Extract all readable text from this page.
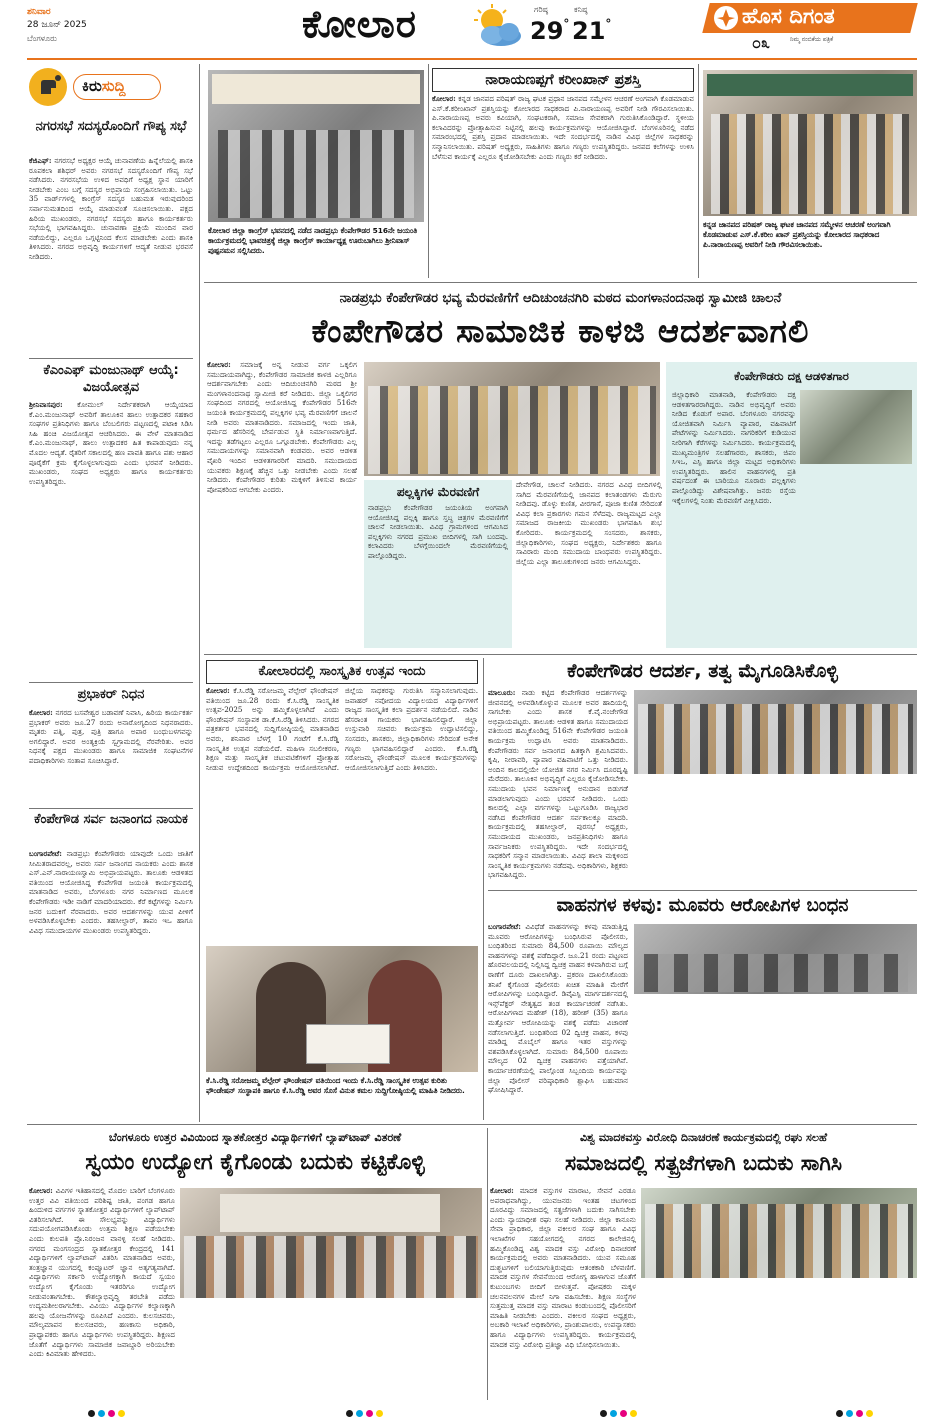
ಶನಿವಾರ
28 ಜೂನ್ 2025
ಬೆಂಗಳೂರು	ಕೋಲಾರ	ಗರಿಷ್ಠ
29°
ಕನಿಷ್ಠ
21°	ಹೊಸ ದಿಗಂತ
ನಿಮ್ಮ ನಂಬಿಕೆಯ ಪತ್ರಿಕೆ
೦೩
ಕಿರುಸುದ್ದಿ
ನಗರಸಭೆ ಸದಸ್ಯರೊಂದಿಗೆ ಗೌಪ್ಯ ಸಭೆ
ಕೆಜಿಎಫ್: ನಗರಸಭೆ ಅಧ್ಯಕ್ಷರ ಆಯ್ಕೆ ಚುನಾವಣೆಯ ಹಿನ್ನೆಲೆಯಲ್ಲಿ ಶಾಸಕಿ ರೂಪಕಲಾ ಶಶಿಧರ್ ಅವರು ನಗರಸಭೆ ಸದಸ್ಯರೊಂದಿಗೆ ಗೌಪ್ಯ ಸಭೆ ನಡೆಸಿದರು. ನಗರಸಭೆಯ ಉಳಿದ ಅವಧಿಗೆ ಅಧ್ಯಕ್ಷ ಸ್ಥಾನ ಯಾರಿಗೆ ನೀಡಬೇಕು ಎಂಬ ಬಗ್ಗೆ ಸದಸ್ಯರ ಅಭಿಪ್ರಾಯ ಸಂಗ್ರಹಿಸಲಾಯಿತು. ಒಟ್ಟು 35 ವಾರ್ಡ್‌ಗಳಲ್ಲಿ ಕಾಂಗ್ರೆಸ್ ಸದಸ್ಯರ ಬಹುಮತ ಇರುವುದರಿಂದ ಸರ್ವಾನುಮತದಿಂದ ಆಯ್ಕೆ ಮಾಡುವಂತೆ ಸೂಚಿಸಲಾಯಿತು. ಪಕ್ಷದ ಹಿರಿಯ ಮುಖಂಡರು, ನಗರಸಭೆ ಸದಸ್ಯರು ಹಾಗೂ ಕಾರ್ಯಕರ್ತರು ಸಭೆಯಲ್ಲಿ ಭಾಗವಹಿಸಿದ್ದರು. ಚುನಾವಣಾ ಪ್ರಕ್ರಿಯೆ ಮುಂದಿನ ವಾರ ನಡೆಯಲಿದ್ದು, ಎಲ್ಲರೂ ಒಗ್ಗಟ್ಟಿನಿಂದ ಕೆಲಸ ಮಾಡಬೇಕು ಎಂದು ಶಾಸಕಿ ತಿಳಿಸಿದರು. ನಗರದ ಅಭಿವೃದ್ಧಿ ಕಾರ್ಯಗಳಿಗೆ ಆದ್ಯತೆ ನೀಡುವ ಭರವಸೆ ನೀಡಿದರು.
ಕೆಎಂಎಫ್ ಮಂಜುನಾಥ್ ಆಯ್ಕೆ: ವಿಜಯೋತ್ಸವ
ಶ್ರೀನಿವಾಸಪುರ: ಕೋಮುಲ್ ನಿರ್ದೇಶಕರಾಗಿ ಆಯ್ಕೆಯಾದ ಕೆ.ಎಂ.ಮಂಜುನಾಥ್ ಅವರಿಗೆ ತಾಲೂಕಿನ ಹಾಲು ಉತ್ಪಾದಕರ ಸಹಕಾರ ಸಂಘಗಳ ಪ್ರತಿನಿಧಿಗಳು ಹಾಗೂ ಬೆಂಬಲಿಗರು ಪಟ್ಟಣದಲ್ಲಿ ಪಟಾಕಿ ಸಿಡಿಸಿ ಸಿಹಿ ಹಂಚಿ ವಿಜಯೋತ್ಸವ ಆಚರಿಸಿದರು. ಈ ವೇಳೆ ಮಾತನಾಡಿದ ಕೆ.ಎಂ.ಮಂಜುನಾಥ್, ಹಾಲು ಉತ್ಪಾದಕರ ಹಿತ ಕಾಪಾಡುವುದು ನನ್ನ ಮೊದಲ ಆದ್ಯತೆ. ರೈತರಿಗೆ ಸಕಾಲದಲ್ಲಿ ಹಣ ಪಾವತಿ ಹಾಗೂ ಪಶು ಆಹಾರ ಪೂರೈಕೆಗೆ ಕ್ರಮ ಕೈಗೊಳ್ಳಲಾಗುವುದು ಎಂದು ಭರವಸೆ ನೀಡಿದರು. ಮುಖಂಡರು, ಸಂಘದ ಅಧ್ಯಕ್ಷರು ಹಾಗೂ ಕಾರ್ಯಕರ್ತರು ಉಪಸ್ಥಿತರಿದ್ದರು.
ಪ್ರಭಾಕರ್ ನಿಧನ
ಕೋಲಾರ: ನಗರದ ಬಸವೇಶ್ವರ ಬಡಾವಣೆ ನಿವಾಸಿ, ಹಿರಿಯ ಕಾರ್ಯಕರ್ತ ಪ್ರಭಾಕರ್ ಅವರು ಜೂ.27 ರಂದು ಅನಾರೋಗ್ಯದಿಂದ ನಿಧನರಾದರು. ಮೃತರು ಪತ್ನಿ, ಪುತ್ರ, ಪುತ್ರಿ ಹಾಗೂ ಅಪಾರ ಬಂಧುಬಳಗವನ್ನು ಅಗಲಿದ್ದಾರೆ. ಅವರ ಅಂತ್ಯಕ್ರಿಯೆ ಸ್ವಗ್ರಾಮದಲ್ಲಿ ನೆರವೇರಿತು. ಅವರ ನಿಧನಕ್ಕೆ ಪಕ್ಷದ ಮುಖಂಡರು ಹಾಗೂ ಸಾಮಾಜಿಕ ಸಂಘಟನೆಗಳ ಪದಾಧಿಕಾರಿಗಳು ಸಂತಾಪ ಸೂಚಿಸಿದ್ದಾರೆ.
ಕೆಂಪೇಗೌಡ ಸರ್ವ ಜನಾಂಗದ ನಾಯಕ
ಬಂಗಾರಪೇಟೆ: ನಾಡಪ್ರಭು ಕೆಂಪೇಗೌಡರು ಯಾವುದೇ ಒಂದು ಜಾತಿಗೆ ಸೀಮಿತರಾದವರಲ್ಲ, ಅವರು ಸರ್ವ ಜನಾಂಗದ ನಾಯಕರು ಎಂದು ಶಾಸಕ ಎಸ್.ಎನ್.ನಾರಾಯಣಸ್ವಾಮಿ ಅಭಿಪ್ರಾಯಪಟ್ಟರು. ತಾಲೂಕು ಆಡಳಿತದ ವತಿಯಿಂದ ಆಯೋಜಿಸಿದ್ದ ಕೆಂಪೇಗೌಡ ಜಯಂತಿ ಕಾರ್ಯಕ್ರಮದಲ್ಲಿ ಮಾತನಾಡಿದ ಅವರು, ಬೆಂಗಳೂರು ನಗರ ನಿರ್ಮಾಣದ ಮೂಲಕ ಕೆಂಪೇಗೌಡರು ಇಡೀ ನಾಡಿಗೆ ಮಾದರಿಯಾದರು. ಕೆರೆ ಕಟ್ಟೆಗಳನ್ನು ನಿರ್ಮಿಸಿ ಜನರ ಬದುಕಿಗೆ ನೆರವಾದರು. ಅವರ ಆದರ್ಶಗಳನ್ನು ಯುವ ಪೀಳಿಗೆ ಅಳವಡಿಸಿಕೊಳ್ಳಬೇಕು ಎಂದರು. ತಹಸೀಲ್ದಾರ್, ತಾಪಂ ಇಒ ಹಾಗೂ ವಿವಿಧ ಸಮುದಾಯಗಳ ಮುಖಂಡರು ಉಪಸ್ಥಿತರಿದ್ದರು.
ಕೋಲಾರ ಜಿಲ್ಲಾ ಕಾಂಗ್ರೆಸ್ ಭವನದಲ್ಲಿ ನಡೆದ ನಾಡಪ್ರಭು ಕೆಂಪೇಗೌಡರ 516ನೇ ಜಯಂತಿ ಕಾರ್ಯಕ್ರಮದಲ್ಲಿ ಭಾವಚಿತ್ರಕ್ಕೆ ಜಿಲ್ಲಾ ಕಾಂಗ್ರೆಸ್ ಕಾರ್ಯಾಧ್ಯಕ್ಷ ಊರುಬಾಗಿಲು ಶ್ರೀನಿವಾಸ್ ಪುಷ್ಪನಮನ ಸಲ್ಲಿಸಿದರು.
ನಾರಾಯಣಪ್ಪಗೆ ಕರೀಂಖಾನ್ ಪ್ರಶಸ್ತಿ
ಕೋಲಾರ: ಕನ್ನಡ ಜಾನಪದ ಪರಿಷತ್ ರಾಜ್ಯ ಘಟಕ ಪ್ರಧಾನ ಜಾನಪದ ಸಮ್ಮೇಳನ ಆಚರಣೆ ಅಂಗವಾಗಿ ಕೊಡಮಾಡುವ ಎಸ್.ಕೆ.ಕರೀಂಖಾನ್ ಪ್ರಶಸ್ತಿಯನ್ನು ಕೋಲಾರದ ಸಾಧಕರಾದ ಪಿ.ನಾರಾಯಣಪ್ಪ ಅವರಿಗೆ ನೀಡಿ ಗೌರವಿಸಲಾಯಿತು. ಪಿ.ನಾರಾಯಣಪ್ಪ ಅವರು ಕವಿಯಾಗಿ, ಸಂಘಟಕರಾಗಿ, ಸಮಾಜ ಸೇವಕರಾಗಿ ಗುರುತಿಸಿಕೊಂಡಿದ್ದಾರೆ. ಸ್ಥಳೀಯ ಕಲಾವಿದರನ್ನು ಪ್ರೋತ್ಸಾಹಿಸುವ ನಿಟ್ಟಿನಲ್ಲಿ ಹಲವು ಕಾರ್ಯಕ್ರಮಗಳನ್ನು ಆಯೋಜಿಸಿದ್ದಾರೆ. ಬೆಂಗಳೂರಿನಲ್ಲಿ ನಡೆದ ಸಮಾರಂಭದಲ್ಲಿ ಪ್ರಶಸ್ತಿ ಪ್ರದಾನ ಮಾಡಲಾಯಿತು. ಇದೇ ಸಂದರ್ಭದಲ್ಲಿ ನಾಡಿನ ವಿವಿಧ ಜಿಲ್ಲೆಗಳ ಸಾಧಕರನ್ನು ಸನ್ಮಾನಿಸಲಾಯಿತು. ಪರಿಷತ್ ಅಧ್ಯಕ್ಷರು, ಸಾಹಿತಿಗಳು ಹಾಗೂ ಗಣ್ಯರು ಉಪಸ್ಥಿತರಿದ್ದರು. ಜನಪದ ಕಲೆಗಳನ್ನು ಉಳಿಸಿ ಬೆಳೆಸುವ ಕಾರ್ಯಕ್ಕೆ ಎಲ್ಲರೂ ಕೈಜೋಡಿಸಬೇಕು ಎಂದು ಗಣ್ಯರು ಕರೆ ನೀಡಿದರು.
ಕನ್ನಡ ಜಾನಪದ ಪರಿಷತ್ ರಾಜ್ಯ ಘಟಕ ಜಾನಪದ ಸಮ್ಮೇಳನ ಆಚರಣೆ ಅಂಗವಾಗಿ ಕೊಡಮಾಡುವ ಎಸ್.ಕೆ.ಕರೀಂ ಖಾನ್ ಪ್ರಶಸ್ತಿಯನ್ನು ಕೋಲಾರದ ಸಾಧಕರಾದ ಪಿ.ನಾರಾಯಣಪ್ಪ ಅವರಿಗೆ ನೀಡಿ ಗೌರವಿಸಲಾಯಿತು.
ನಾಡಪ್ರಭು ಕೆಂಪೇಗೌಡರ ಭವ್ಯ ಮೆರವಣಿಗೆಗೆ ಆದಿಚುಂಚನಗಿರಿ ಮಠದ ಮಂಗಳಾನಂದನಾಥ ಸ್ವಾಮೀಜಿ ಚಾಲನೆ
ಕೆಂಪೇಗೌಡರ ಸಾಮಾಜಿಕ ಕಾಳಜಿ ಆದರ್ಶವಾಗಲಿ
ಕೋಲಾರ: ಸಮಾಜಕ್ಕೆ ಅನ್ನ ನೀಡುವ ವರ್ಗ ಒಕ್ಕಲಿಗ ಸಮುದಾಯವಾಗಿದ್ದು, ಕೆಂಪೇಗೌಡರ ಸಾಮಾಜಿಕ ಕಾಳಜಿ ಎಲ್ಲರಿಗೂ ಆದರ್ಶವಾಗಬೇಕು ಎಂದು ಆದಿಚುಂಚನಗಿರಿ ಮಠದ ಶ್ರೀ ಮಂಗಳಾನಂದನಾಥ ಸ್ವಾಮೀಜಿ ಕರೆ ನೀಡಿದರು. ಜಿಲ್ಲಾ ಒಕ್ಕಲಿಗರ ಸಂಘದಿಂದ ನಗರದಲ್ಲಿ ಆಯೋಜಿಸಿದ್ದ ಕೆಂಪೇಗೌಡರ 516ನೇ ಜಯಂತಿ ಕಾರ್ಯಕ್ರಮದಲ್ಲಿ ಪಲ್ಲಕ್ಕಿಗಳ ಭವ್ಯ ಮೆರವಣಿಗೆಗೆ ಚಾಲನೆ ನೀಡಿ ಅವರು ಮಾತನಾಡಿದರು. ಸಮಾಜದಲ್ಲಿ ಇಂದು ಜಾತಿ, ಧರ್ಮದ ಹೆಸರಿನಲ್ಲಿ ಬೇರ್ಪಡುವ ಸ್ಥಿತಿ ನಿರ್ಮಾಣವಾಗುತ್ತಿದೆ. ಇದನ್ನು ತಡೆಗಟ್ಟಲು ಎಲ್ಲರೂ ಒಗ್ಗೂಡಬೇಕು. ಕೆಂಪೇಗೌಡರು ಎಲ್ಲ ಸಮುದಾಯಗಳನ್ನು ಸಮಾನವಾಗಿ ಕಂಡವರು. ಅವರ ಆಡಳಿತ ವೈಖರಿ ಇಂದಿನ ಆಡಳಿತಗಾರರಿಗೆ ಮಾದರಿ. ಸಮುದಾಯದ ಯುವಕರು ಶಿಕ್ಷಣಕ್ಕೆ ಹೆಚ್ಚಿನ ಒತ್ತು ನೀಡಬೇಕು ಎಂದು ಸಲಹೆ ನೀಡಿದರು. ಕೆಂಪೇಗೌಡರ ಕುರಿತು ಮಕ್ಕಳಿಗೆ ತಿಳಿಸುವ ಕಾರ್ಯ ಪೋಷಕರಿಂದ ಆಗಬೇಕು ಎಂದರು.	ಪಲ್ಲಕ್ಕಿಗಳ ಮೆರವಣಿಗೆ
ನಾಡಪ್ರಭು ಕೆಂಪೇಗೌಡರ ಜಯಂತಿಯ ಅಂಗವಾಗಿ ಆಯೋಜಿಸಿದ್ದ ಪಲ್ಲಕ್ಕಿ ಹಾಗೂ ಸ್ತಬ್ಧ ಚಿತ್ರಗಳ ಮೆರವಣಿಗೆಗೆ ಚಾಲನೆ ನೀಡಲಾಯಿತು. ವಿವಿಧ ಗ್ರಾಮಗಳಿಂದ ಆಗಮಿಸಿದ ಪಲ್ಲಕ್ಕಿಗಳು ನಗರದ ಪ್ರಮುಖ ಬೀದಿಗಳಲ್ಲಿ ಸಾಗಿ ಬಂದವು. ಕಲಾವಿದರು ಬೆಳಗ್ಗೆಯಿಂದಲೇ ಮೆರವಣಿಗೆಯಲ್ಲಿ ಪಾಲ್ಗೊಂಡಿದ್ದರು.
ದೇವೇಗೌಡ, ಚಾಲನೆ ನೀಡಿದರು. ನಗರದ ವಿವಿಧ ಬೀದಿಗಳಲ್ಲಿ ಸಾಗಿದ ಮೆರವಣಿಗೆಯಲ್ಲಿ ಜಾನಪದ ಕಲಾತಂಡಗಳು ಮೆರುಗು ನೀಡಿದವು. ಡೊಳ್ಳು ಕುಣಿತ, ವೀರಗಾಸೆ, ಪೂಜಾ ಕುಣಿತ ಸೇರಿದಂತೆ ವಿವಿಧ ಕಲಾ ಪ್ರಕಾರಗಳು ಗಮನ ಸೆಳೆದವು. ರಾಜ್ಯಮಟ್ಟದ ಎಲ್ಲಾ ಸಮಾಜದ ರಾಜಕೀಯ ಮುಖಂಡರು ಭಾಗವಹಿಸಿ ಶುಭ ಕೋರಿದರು. ಕಾರ್ಯಕ್ರಮದಲ್ಲಿ ಸಂಸದರು, ಶಾಸಕರು, ಜಿಲ್ಲಾಧಿಕಾರಿಗಳು, ಸಂಘದ ಅಧ್ಯಕ್ಷರು, ನಿರ್ದೇಶಕರು ಹಾಗೂ ಸಾವಿರಾರು ಮಂದಿ ಸಮುದಾಯ ಬಾಂಧವರು ಉಪಸ್ಥಿತರಿದ್ದರು. ಜಿಲ್ಲೆಯ ಎಲ್ಲಾ ತಾಲೂಕುಗಳಿಂದ ಜನರು ಆಗಮಿಸಿದ್ದರು.
ಕೆಂಪೇಗೌಡರು ದಕ್ಷ ಆಡಳಿತಗಾರ
ಜಿಲ್ಲಾಧಿಕಾರಿ ಮಾತನಾಡಿ, ಕೆಂಪೇಗೌಡರು ದಕ್ಷ ಆಡಳಿತಗಾರರಾಗಿದ್ದರು. ನಾಡಿನ ಅಭಿವೃದ್ಧಿಗೆ ಅವರು ನೀಡಿದ ಕೊಡುಗೆ ಅಪಾರ. ಬೆಂಗಳೂರು ನಗರವನ್ನು ಯೋಜಿತವಾಗಿ ನಿರ್ಮಿಸಿ ವ್ಯಾಪಾರ, ವಹಿವಾಟಿಗೆ ಪೇಟೆಗಳನ್ನು ನಿರ್ಮಿಸಿದರು. ನಾಗರಿಕರಿಗೆ ಕುಡಿಯುವ ನೀರಿಗಾಗಿ ಕೆರೆಗಳನ್ನು ನಿರ್ಮಿಸಿದರು. ಕಾರ್ಯಕ್ರಮದಲ್ಲಿ ಮುಖ್ಯಮಂತ್ರಿಗಳ ಸಲಹೆಗಾರರು, ಶಾಸಕರು, ಜಿಪಂ ಸಿಇಒ, ಎಸ್ಪಿ ಹಾಗೂ ಜಿಲ್ಲಾ ಮಟ್ಟದ ಅಧಿಕಾರಿಗಳು ಉಪಸ್ಥಿತರಿದ್ದರು. ಹಾಲಿನ ವಾಹನಗಳಲ್ಲಿ ಪ್ರತಿ ವರ್ಷದಂತೆ ಈ ಬಾರಿಯೂ ನೂರಾರು ಪಲ್ಲಕ್ಕಿಗಳು ಪಾಲ್ಗೊಂಡಿದ್ದು ವಿಶೇಷವಾಗಿತ್ತು. ಜನರು ರಸ್ತೆಯ ಇಕ್ಕೆಲಗಳಲ್ಲಿ ನಿಂತು ಮೆರವಣಿಗೆ ವೀಕ್ಷಿಸಿದರು.
ಕೋಲಾರದಲ್ಲಿ ಸಾಂಸ್ಕೃತಿಕ ಉತ್ಸವ ಇಂದು
ಕೋಲಾರ: ಕೆ.ಸಿ.ರೆಡ್ಡಿ ಸರೋಜಮ್ಮ ವೆಲ್ಪೇರ್ ಫೌಂಡೇಷನ್ ವತಿಯಿಂದ ಜೂ.28 ರಂದು ಕೆ.ಸಿ.ರೆಡ್ಡಿ ಸಾಂಸ್ಕೃತಿಕ ಉತ್ಸವ-2025 ಅನ್ನು ಹಮ್ಮಿಕೊಳ್ಳಲಾಗಿದೆ ಎಂದು ಫೌಂಡೇಷನ್ ಸಂಸ್ಥಾಪಕ ಡಾ.ಕೆ.ಸಿ.ರೆಡ್ಡಿ ತಿಳಿಸಿದರು. ನಗರದ ಪತ್ರಕರ್ತರ ಭವನದಲ್ಲಿ ಸುದ್ದಿಗೋಷ್ಠಿಯಲ್ಲಿ ಮಾತನಾಡಿದ ಅವರು, ಶನಿವಾರ ಬೆಳಗ್ಗೆ 10 ಗಂಟೆಗೆ ಕೆ.ಸಿ.ರೆಡ್ಡಿ ಸಾಂಸ್ಕೃತಿಕ ಉತ್ಸವ ನಡೆಯಲಿದೆ. ಮಹಿಳಾ ಸಬಲೀಕರಣ, ಶಿಕ್ಷಣ ಮತ್ತು ಸಾಂಸ್ಕೃತಿಕ ಚಟುವಟಿಕೆಗಳಿಗೆ ಪ್ರೋತ್ಸಾಹ ನೀಡುವ ಉದ್ದೇಶದಿಂದ ಕಾರ್ಯಕ್ರಮ ಆಯೋಜಿಸಲಾಗಿದೆ. ಜಿಲ್ಲೆಯ ಸಾಧಕರನ್ನು ಗುರುತಿಸಿ ಸನ್ಮಾನಿಸಲಾಗುವುದು. ಜವಾಹರ್ ನವೋದಯ ವಿದ್ಯಾಲಯದ ವಿದ್ಯಾರ್ಥಿಗಳಿಗೆ ರಾಜ್ಯದ ಸಾಂಸ್ಕೃತಿಕ ಕಲಾ ಪ್ರದರ್ಶನ ನಡೆಯಲಿದೆ. ನಾಡಿನ ಹೆಸರಾಂತ ಗಾಯಕರು ಭಾಗವಹಿಸಲಿದ್ದಾರೆ. ಜಿಲ್ಲಾ ಉಸ್ತುವಾರಿ ಸಚಿವರು ಕಾರ್ಯಕ್ರಮ ಉದ್ಘಾಟಿಸಲಿದ್ದು, ಸಂಸದರು, ಶಾಸಕರು, ಜಿಲ್ಲಾಧಿಕಾರಿಗಳು ಸೇರಿದಂತೆ ಅನೇಕ ಗಣ್ಯರು ಭಾಗವಹಿಸಲಿದ್ದಾರೆ ಎಂದರು. ಕೆ.ಸಿ.ರೆಡ್ಡಿ ಸರೋಜಮ್ಮ ಫೌಂಡೇಷನ್ ಮೂಲಕ ಕಾರ್ಯಕ್ರಮಗಳನ್ನು ಆಯೋಜಿಸಲಾಗುತ್ತಿದೆ ಎಂದು ತಿಳಿಸಿದರು.
ಕೆ.ಸಿ.ರೆಡ್ಡಿ ಸರೋಜಮ್ಮ ವೆಲ್ಪೇರ್ ಫೌಂಡೇಷನ್ ವತಿಯಿಂದ ಇಂದು ಕೆ.ಸಿ.ರೆಡ್ಡಿ ಸಾಂಸ್ಕೃತಿಕ ಉತ್ಸವ ಕುರಿತು ಫೌಂಡೇಷನ್ ಸಂಸ್ಥಾಪಕಿ ಹಾಗೂ ಕೆ.ಸಿ.ರೆಡ್ಡಿ ಅವರ ಸೊಸೆ ವಿನುತ ಕಮಲ ಸುದ್ದಿಗೋಷ್ಠಿಯಲ್ಲಿ ಮಾಹಿತಿ ನೀಡಿದರು.
ಕೆಂಪೇಗೌಡರ ಆದರ್ಶ, ತತ್ವ ಮೈಗೂಡಿಸಿಕೊಳ್ಳಿ
ಮಾಲೂರು: ನಾಡು ಕಟ್ಟಿದ ಕೆಂಪೇಗೌಡರ ಆದರ್ಶಗಳನ್ನು ಜೀವನದಲ್ಲಿ ಅಳವಡಿಸಿಕೊಳ್ಳುವ ಮೂಲಕ ಅವರ ಹಾದಿಯಲ್ಲಿ ಸಾಗಬೇಕು ಎಂದು ಶಾಸಕ ಕೆ.ವೈ.ನಂಜೇಗೌಡ ಅಭಿಪ್ರಾಯಪಟ್ಟರು. ತಾಲೂಕು ಆಡಳಿತ ಹಾಗೂ ಸಮುದಾಯದ ವತಿಯಿಂದ ಹಮ್ಮಿಕೊಂಡಿದ್ದ 516ನೇ ಕೆಂಪೇಗೌಡರ ಜಯಂತಿ ಕಾರ್ಯಕ್ರಮ ಉದ್ಘಾಟಿಸಿ ಅವರು ಮಾತನಾಡಿದರು. ಕೆಂಪೇಗೌಡರು ಸರ್ವ ಜನಾಂಗದ ಹಿತಕ್ಕಾಗಿ ಶ್ರಮಿಸಿದವರು. ಕೃಷಿ, ನೀರಾವರಿ, ವ್ಯಾಪಾರ ವಹಿವಾಟಿಗೆ ಒತ್ತು ನೀಡಿದರು. ಅಂದಿನ ಕಾಲದಲ್ಲಿಯೇ ಯೋಜಿತ ನಗರ ನಿರ್ಮಿಸಿ ದೂರದೃಷ್ಟಿ ಮೆರೆದರು. ತಾಲೂಕಿನ ಅಭಿವೃದ್ಧಿಗೆ ಎಲ್ಲರೂ ಕೈಜೋಡಿಸಬೇಕು. ಸಮುದಾಯ ಭವನ ನಿರ್ಮಾಣಕ್ಕೆ ಅನುದಾನ ಬಿಡುಗಡೆ ಮಾಡಲಾಗುವುದು ಎಂದು ಭರವಸೆ ನೀಡಿದರು. ಒಂದು ಕಾಲದಲ್ಲಿ ಎಲ್ಲಾ ವರ್ಗಗಳನ್ನು ಒಟ್ಟುಗೂಡಿಸಿ ರಾಜ್ಯಭಾರ ನಡೆಸಿದ ಕೆಂಪೇಗೌಡರ ಆದರ್ಶ ಸರ್ವಕಾಲಕ್ಕೂ ಮಾದರಿ. ಕಾರ್ಯಕ್ರಮದಲ್ಲಿ ತಹಸೀಲ್ದಾರ್, ಪುರಸಭೆ ಅಧ್ಯಕ್ಷರು, ಸಮುದಾಯದ ಮುಖಂಡರು, ಜನಪ್ರತಿನಿಧಿಗಳು ಹಾಗೂ ಸಾರ್ವಜನಿಕರು ಉಪಸ್ಥಿತರಿದ್ದರು. ಇದೇ ಸಂದರ್ಭದಲ್ಲಿ ಸಾಧಕರಿಗೆ ಸನ್ಮಾನ ಮಾಡಲಾಯಿತು. ವಿವಿಧ ಶಾಲಾ ಮಕ್ಕಳಿಂದ ಸಾಂಸ್ಕೃತಿಕ ಕಾರ್ಯಕ್ರಮಗಳು ನಡೆದವು. ಅಧಿಕಾರಿಗಳು, ಶಿಕ್ಷಕರು ಭಾಗವಹಿಸಿದ್ದರು.
ವಾಹನಗಳ ಕಳವು: ಮೂವರು ಆರೋಪಿಗಳ ಬಂಧನ
ಬಂಗಾರಪೇಟೆ: ವಿವಿಧೆಡೆ ವಾಹನಗಳನ್ನು ಕಳವು ಮಾಡುತ್ತಿದ್ದ ಮೂವರು ಆರೋಪಿಗಳನ್ನು ಬಂಧಿಸಿರುವ ಪೊಲೀಸರು, ಬಂಧಿತರಿಂದ ಸುಮಾರು 84,500 ರೂಪಾಯಿ ಮೌಲ್ಯದ ವಾಹನಗಳನ್ನು ವಶಕ್ಕೆ ಪಡೆದಿದ್ದಾರೆ. ಜೂ.21 ರಂದು ಪಟ್ಟಣದ ಹೊರವಲಯದಲ್ಲಿ ನಿಲ್ಲಿಸಿದ್ದ ದ್ವಿಚಕ್ರ ವಾಹನ ಕಳವಾಗಿರುವ ಬಗ್ಗೆ ಠಾಣೆಗೆ ದೂರು ದಾಖಲಾಗಿತ್ತು. ಪ್ರಕರಣ ದಾಖಲಿಸಿಕೊಂಡು ತನಿಖೆ ಕೈಗೊಂಡ ಪೊಲೀಸರು ಖಚಿತ ಮಾಹಿತಿ ಮೇರೆಗೆ ಆರೋಪಿಗಳನ್ನು ಬಂಧಿಸಿದ್ದಾರೆ. ಡಿವೈಎಸ್ಪಿ ಮಾರ್ಗದರ್ಶನದಲ್ಲಿ ಇನ್ಸ್‌ಪೆಕ್ಟರ್ ನೇತೃತ್ವದ ತಂಡ ಕಾರ್ಯಾಚರಣೆ ನಡೆಸಿತು. ಆರೋಪಿಗಳಾದ ಮಹೇಶ್ (18), ಹರೀಶ್ (35) ಹಾಗೂ ಮತ್ತೋರ್ವ ಆರೋಪಿಯನ್ನು ವಶಕ್ಕೆ ಪಡೆದು ವಿಚಾರಣೆ ನಡೆಸಲಾಗುತ್ತಿದೆ. ಬಂಧಿತರಿಂದ 02 ದ್ವಿಚಕ್ರ ವಾಹನ, ಕಳವು ಮಾಡಿದ್ದ ಮೊಬೈಲ್ ಹಾಗೂ ಇತರ ವಸ್ತುಗಳನ್ನು ವಶಪಡಿಸಿಕೊಳ್ಳಲಾಗಿದೆ. ಸುಮಾರು 84,500 ರೂಪಾಯಿ ಮೌಲ್ಯದ 02 ದ್ವಿಚಕ್ರ ವಾಹನಗಳು ಪತ್ತೆಯಾಗಿವೆ. ಕಾರ್ಯಾಚರಣೆಯಲ್ಲಿ ಪಾಲ್ಗೊಂಡ ಸಿಬ್ಬಂದಿಯ ಕಾರ್ಯವನ್ನು ಜಿಲ್ಲಾ ಪೊಲೀಸ್ ವರಿಷ್ಠಾಧಿಕಾರಿ ಶ್ಲಾಘಿಸಿ ಬಹುಮಾನ ಘೋಷಿಸಿದ್ದಾರೆ.
ಬೆಂಗಳೂರು ಉತ್ತರ ವಿವಿಯಿಂದ ಸ್ನಾತಕೋತ್ತರ ವಿದ್ಯಾರ್ಥಿಗಳಿಗೆ ಲ್ಯಾಪ್‌ಟಾಪ್ ವಿತರಣೆ
ಸ್ವಯಂ ಉದ್ಯೋಗ ಕೈಗೊಂಡು ಬದುಕು ಕಟ್ಟಿಕೊಳ್ಳಿ
ಕೋಲಾರ: ವಿವಿಗಳ ಇತಿಹಾಸದಲ್ಲಿ ಮೊದಲ ಬಾರಿಗೆ ಬೆಂಗಳೂರು ಉತ್ತರ ವಿವಿ ವತಿಯಿಂದ ಪರಿಶಿಷ್ಟ ಜಾತಿ, ಪಂಗಡ ಹಾಗೂ ಹಿಂದುಳಿದ ವರ್ಗಗಳ ಸ್ನಾತಕೋತ್ತರ ವಿದ್ಯಾರ್ಥಿಗಳಿಗೆ ಲ್ಯಾಪ್‌ಟಾಪ್ ವಿತರಿಸಲಾಗಿದೆ. ಈ ಸೌಲಭ್ಯವನ್ನು ವಿದ್ಯಾರ್ಥಿಗಳು ಸದುಪಯೋಗಪಡಿಸಿಕೊಂಡು ಉತ್ತಮ ಶಿಕ್ಷಣ ಪಡೆಯಬೇಕು ಎಂದು ಕುಲಪತಿ ಪ್ರೊ.ನಿರಂಜನ ವಾನಳ್ಳಿ ಸಲಹೆ ನೀಡಿದರು. ನಗರದ ಮಂಗಸಂದ್ರದ ಸ್ನಾತಕೋತ್ತರ ಕೇಂದ್ರದಲ್ಲಿ 141 ವಿದ್ಯಾರ್ಥಿಗಳಿಗೆ ಲ್ಯಾಪ್‌ಟಾಪ್ ವಿತರಿಸಿ ಮಾತನಾಡಿದ ಅವರು, ತಂತ್ರಜ್ಞಾನ ಯುಗದಲ್ಲಿ ಕಂಪ್ಯೂಟರ್ ಜ್ಞಾನ ಅತ್ಯಗತ್ಯವಾಗಿದೆ. ವಿದ್ಯಾರ್ಥಿಗಳು ಸರ್ಕಾರಿ ಉದ್ಯೋಗಕ್ಕಾಗಿ ಕಾಯದೆ ಸ್ವಯಂ ಉದ್ಯೋಗ ಕೈಗೊಂಡು ಇತರರಿಗೂ ಉದ್ಯೋಗ ನೀಡುವಂತಾಗಬೇಕು. ಕೌಶಲ್ಯಾಭಿವೃದ್ಧಿ ತರಬೇತಿ ಪಡೆದು ಉದ್ಯಮಶೀಲರಾಗಬೇಕು. ವಿವಿಯು ವಿದ್ಯಾರ್ಥಿಗಳ ಕಲ್ಯಾಣಕ್ಕಾಗಿ ಹಲವು ಯೋಜನೆಗಳನ್ನು ರೂಪಿಸಿದೆ ಎಂದರು. ಕುಲಸಚಿವರು, ಮೌಲ್ಯಮಾಪನ ಕುಲಸಚಿವರು, ಹಣಕಾಸು ಅಧಿಕಾರಿ, ಪ್ರಾಧ್ಯಾಪಕರು ಹಾಗೂ ವಿದ್ಯಾರ್ಥಿಗಳು ಉಪಸ್ಥಿತರಿದ್ದರು. ಶಿಕ್ಷಣದ ಜೊತೆಗೆ ವಿದ್ಯಾರ್ಥಿಗಳು ಸಾಮಾಜಿಕ ಜವಾಬ್ದಾರಿ ಅರಿಯಬೇಕು ಎಂದು ಕಿವಿಮಾತು ಹೇಳಿದರು.
ವಿಶ್ವ ಮಾದಕವಸ್ತು ವಿರೋಧಿ ದಿನಾಚರಣೆ ಕಾರ್ಯಕ್ರಮದಲ್ಲಿ ರಘು ಸಲಹೆ
ಸಮಾಜದಲ್ಲಿ ಸತ್ಪ್ರಜೆಗಳಾಗಿ ಬದುಕು ಸಾಗಿಸಿ
ಕೋಲಾರ: ಮಾದಕ ವಸ್ತುಗಳ ಮಾರಾಟ, ಸೇವನೆ ಎರಡೂ ಅಪರಾಧವಾಗಿದ್ದು, ಯುವಜನರು ಇಂತಹ ಚಟಗಳಿಂದ ದೂರವಿದ್ದು ಸಮಾಜದಲ್ಲಿ ಸತ್ಪ್ರಜೆಗಳಾಗಿ ಬದುಕು ಸಾಗಿಸಬೇಕು ಎಂದು ನ್ಯಾಯಾಧೀಶ ರಘು ಸಲಹೆ ನೀಡಿದರು. ಜಿಲ್ಲಾ ಕಾನೂನು ಸೇವಾ ಪ್ರಾಧಿಕಾರ, ಜಿಲ್ಲಾ ವಕೀಲರ ಸಂಘ ಹಾಗೂ ವಿವಿಧ ಇಲಾಖೆಗಳ ಸಹಯೋಗದಲ್ಲಿ ನಗರದ ಕಾಲೇಜಿನಲ್ಲಿ ಹಮ್ಮಿಕೊಂಡಿದ್ದ ವಿಶ್ವ ಮಾದಕ ವಸ್ತು ವಿರೋಧಿ ದಿನಾಚರಣೆ ಕಾರ್ಯಕ್ರಮದಲ್ಲಿ ಅವರು ಮಾತನಾಡಿದರು. ಯುವ ಸಮೂಹ ದುಶ್ಚಟಗಳಿಗೆ ಬಲಿಯಾಗುತ್ತಿರುವುದು ಆತಂಕಕಾರಿ ಬೆಳವಣಿಗೆ. ಮಾದಕ ವಸ್ತುಗಳ ಸೇವನೆಯಿಂದ ಆರೋಗ್ಯ ಹಾಳಾಗುವ ಜೊತೆಗೆ ಕುಟುಂಬಗಳು ಬೀದಿಗೆ ಬೀಳುತ್ತವೆ. ಪೋಷಕರು ಮಕ್ಕಳ ಚಲನವಲನಗಳ ಮೇಲೆ ನಿಗಾ ವಹಿಸಬೇಕು. ಶಿಕ್ಷಣ ಸಂಸ್ಥೆಗಳ ಸುತ್ತಮುತ್ತ ಮಾದಕ ವಸ್ತು ಮಾರಾಟ ಕಂಡುಬಂದಲ್ಲಿ ಪೊಲೀಸರಿಗೆ ಮಾಹಿತಿ ನೀಡಬೇಕು ಎಂದರು. ವಕೀಲರ ಸಂಘದ ಅಧ್ಯಕ್ಷರು, ಅಬಕಾರಿ ಇಲಾಖೆ ಅಧಿಕಾರಿಗಳು, ಪ್ರಾಂಶುಪಾಲರು, ಉಪನ್ಯಾಸಕರು ಹಾಗೂ ವಿದ್ಯಾರ್ಥಿಗಳು ಉಪಸ್ಥಿತರಿದ್ದರು. ಕಾರ್ಯಕ್ರಮದಲ್ಲಿ ಮಾದಕ ವಸ್ತು ವಿರೋಧಿ ಪ್ರತಿಜ್ಞಾ ವಿಧಿ ಬೋಧಿಸಲಾಯಿತು.
